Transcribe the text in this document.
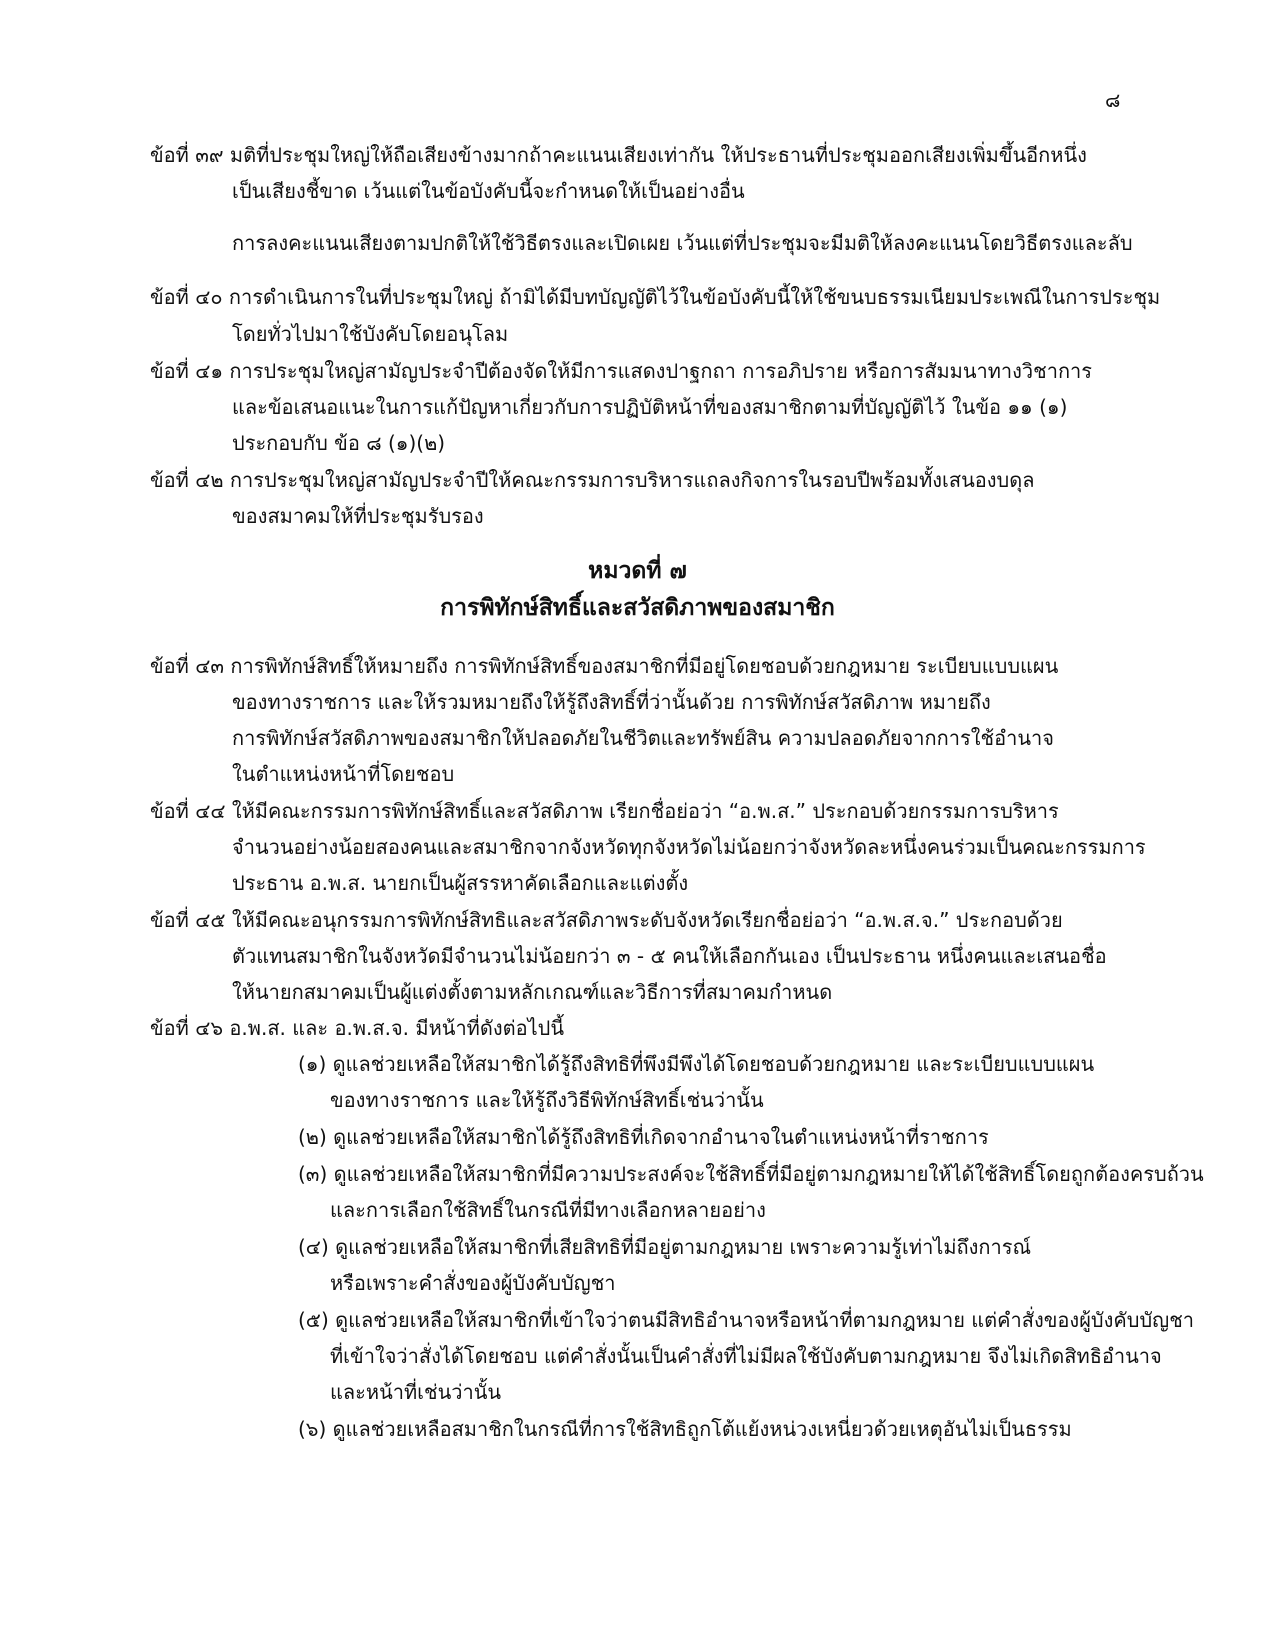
๘
ข้อที่ ๓๙ มติที่ประชุมใหญ่ให้ถือเสียงข้างมากถ้าคะแนนเสียงเท่ากัน ให้ประธานที่ประชุมออกเสียงเพิ่มขึ้นอีกหนึ่ง
เป็นเสียงชี้ขาด เว้นแต่ในข้อบังคับนี้จะกำหนดให้เป็นอย่างอื่น
การลงคะแนนเสียงตามปกติให้ใช้วิธีตรงและเปิดเผย เว้นแต่ที่ประชุมจะมีมติให้ลงคะแนนโดยวิธีตรงและลับ
ข้อที่ ๔๐ การดำเนินการในที่ประชุมใหญ่ ถ้ามิได้มีบทบัญญัติไว้ในข้อบังคับนี้ให้ใช้ขนบธรรมเนียมประเพณีในการประชุม
โดยทั่วไปมาใช้บังคับโดยอนุโลม
ข้อที่ ๔๑ การประชุมใหญ่สามัญประจำปีต้องจัดให้มีการแสดงปาฐกถา การอภิปราย หรือการสัมมนาทางวิชาการ
และข้อเสนอแนะในการแก้ปัญหาเกี่ยวกับการปฏิบัติหน้าที่ของสมาชิกตามที่บัญญัติไว้ ในข้อ ๑๑ (๑)
ประกอบกับ ข้อ ๘ (๑)(๒)
ข้อที่ ๔๒ การประชุมใหญ่สามัญประจำปีให้คณะกรรมการบริหารแถลงกิจการในรอบปีพร้อมทั้งเสนองบดุล
ของสมาคมให้ที่ประชุมรับรอง
หมวดที่ ๗
การพิทักษ์สิทธิ์และสวัสดิภาพของสมาชิก
ข้อที่ ๔๓ การพิทักษ์สิทธิ์ให้หมายถึง การพิทักษ์สิทธิ์ของสมาชิกที่มีอยู่โดยชอบด้วยกฎหมาย ระเบียบแบบแผน
ของทางราชการ และให้รวมหมายถึงให้รู้ถึงสิทธิ์ที่ว่านั้นด้วย การพิทักษ์สวัสดิภาพ หมายถึง
การพิทักษ์สวัสดิภาพของสมาชิกให้ปลอดภัยในชีวิตและทรัพย์สิน ความปลอดภัยจากการใช้อำนาจ
ในตำแหน่งหน้าที่โดยชอบ
ข้อที่ ๔๔ ให้มีคณะกรรมการพิทักษ์สิทธิ์และสวัสดิภาพ เรียกชื่อย่อว่า “อ.พ.ส.” ประกอบด้วยกรรมการบริหาร
จำนวนอย่างน้อยสองคนและสมาชิกจากจังหวัดทุกจังหวัดไม่น้อยกว่าจังหวัดละหนึ่งคนร่วมเป็นคณะกรรมการ
ประธาน อ.พ.ส. นายกเป็นผู้สรรหาคัดเลือกและแต่งตั้ง
ข้อที่ ๔๕ ให้มีคณะอนุกรรมการพิทักษ์สิทธิและสวัสดิภาพระดับจังหวัดเรียกชื่อย่อว่า “อ.พ.ส.จ.” ประกอบด้วย
ตัวแทนสมาชิกในจังหวัดมีจำนวนไม่น้อยกว่า ๓ - ๕ คนให้เลือกกันเอง เป็นประธาน หนึ่งคนและเสนอชื่อ
ให้นายกสมาคมเป็นผู้แต่งตั้งตามหลักเกณฑ์และวิธีการที่สมาคมกำหนด
ข้อที่ ๔๖ อ.พ.ส. และ อ.พ.ส.จ. มีหน้าที่ดังต่อไปนี้
(๑) ดูแลช่วยเหลือให้สมาชิกได้รู้ถึงสิทธิที่พึงมีพึงได้โดยชอบด้วยกฎหมาย และระเบียบแบบแผน
ของทางราชการ และให้รู้ถึงวิธีพิทักษ์สิทธิ์เช่นว่านั้น
(๒) ดูแลช่วยเหลือให้สมาชิกได้รู้ถึงสิทธิที่เกิดจากอำนาจในตำแหน่งหน้าที่ราชการ
(๓) ดูแลช่วยเหลือให้สมาชิกที่มีความประสงค์จะใช้สิทธิ์ที่มีอยู่ตามกฎหมายให้ได้ใช้สิทธิ์โดยถูกต้องครบถ้วน
และการเลือกใช้สิทธิ์ในกรณีที่มีทางเลือกหลายอย่าง
(๔) ดูแลช่วยเหลือให้สมาชิกที่เสียสิทธิที่มีอยู่ตามกฎหมาย เพราะความรู้เท่าไม่ถึงการณ์
หรือเพราะคำสั่งของผู้บังคับบัญชา
(๕) ดูแลช่วยเหลือให้สมาชิกที่เข้าใจว่าตนมีสิทธิอำนาจหรือหน้าที่ตามกฎหมาย แต่คำสั่งของผู้บังคับบัญชา
ที่เข้าใจว่าสั่งได้โดยชอบ แต่คำสั่งนั้นเป็นคำสั่งที่ไม่มีผลใช้บังคับตามกฎหมาย จึงไม่เกิดสิทธิอำนาจ
และหน้าที่เช่นว่านั้น
(๖) ดูแลช่วยเหลือสมาชิกในกรณีที่การใช้สิทธิถูกโต้แย้งหน่วงเหนี่ยวด้วยเหตุอันไม่เป็นธรรม
